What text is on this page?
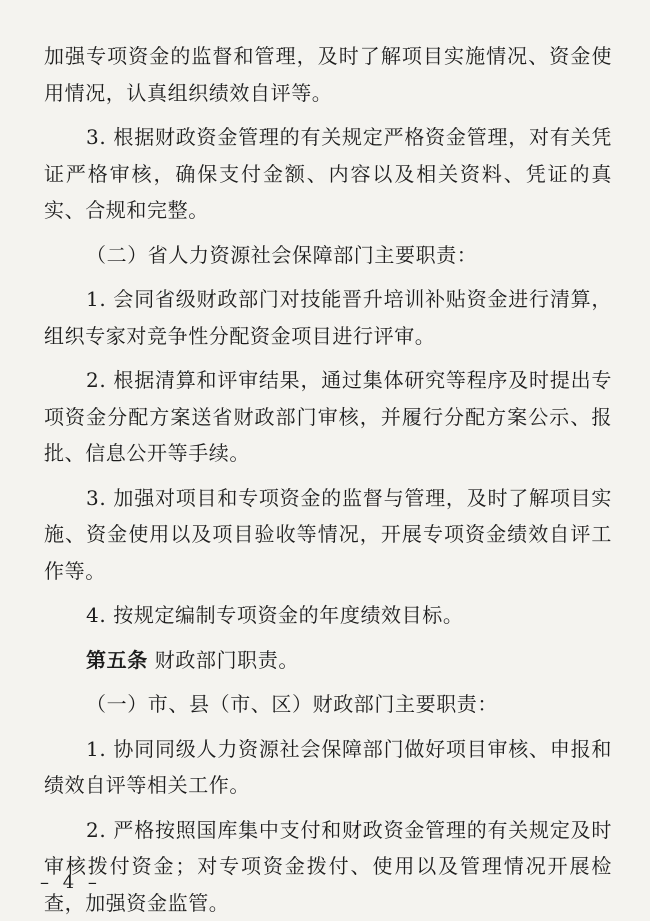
加强专项资金的监督和管理，及时了解项目实施情况、资金使用情况，认真组织绩效自评等。

3. 根据财政资金管理的有关规定严格资金管理，对有关凭证严格审核，确保支付金额、内容以及相关资料、凭证的真实、合规和完整。

（二）省人力资源社会保障部门主要职责：

1. 会同省级财政部门对技能晋升培训补贴资金进行清算，组织专家对竞争性分配资金项目进行评审。

2. 根据清算和评审结果，通过集体研究等程序及时提出专项资金分配方案送省财政部门审核，并履行分配方案公示、报批、信息公开等手续。

3. 加强对项目和专项资金的监督与管理，及时了解项目实施、资金使用以及项目验收等情况，开展专项资金绩效自评工作等。

4. 按规定编制专项资金的年度绩效目标。

第五条 财政部门职责。

（一）市、县（市、区）财政部门主要职责：

1. 协同同级人力资源社会保障部门做好项目审核、申报和绩效自评等相关工作。

2. 严格按照国库集中支付和财政资金管理的有关规定及时审核拨付资金；对专项资金拨付、使用以及管理情况开展检查，加强资金监管。

– 4 –
